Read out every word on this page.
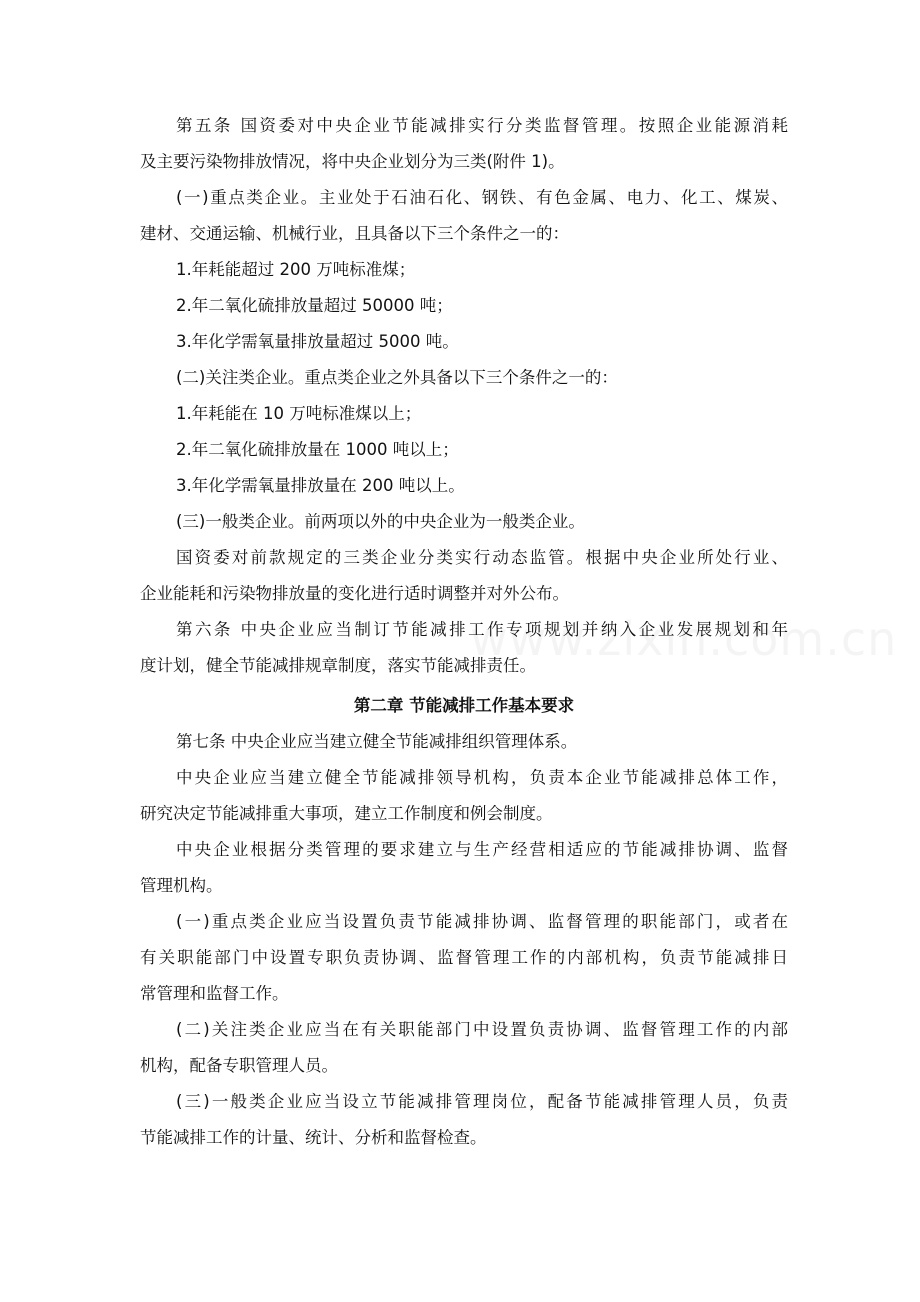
第五条 国资委对中央企业节能减排实行分类监督管理。按照企业能源消耗
及主要污染物排放情况，将中央企业划分为三类(附件 1)。
(一)重点类企业。主业处于石油石化、钢铁、有色金属、电力、化工、煤炭、
建材、交通运输、机械行业，且具备以下三个条件之一的：
1.年耗能超过 200 万吨标准煤；
2.年二氧化硫排放量超过 50000 吨；
3.年化学需氧量排放量超过 5000 吨。
(二)关注类企业。重点类企业之外具备以下三个条件之一的：
1.年耗能在 10 万吨标准煤以上；
2.年二氧化硫排放量在 1000 吨以上；
3.年化学需氧量排放量在 200 吨以上。
(三)一般类企业。前两项以外的中央企业为一般类企业。
国资委对前款规定的三类企业分类实行动态监管。根据中央企业所处行业、
企业能耗和污染物排放量的变化进行适时调整并对外公布。
第六条 中央企业应当制订节能减排工作专项规划并纳入企业发展规划和年
度计划，健全节能减排规章制度，落实节能减排责任。
第二章 节能减排工作基本要求
第七条 中央企业应当建立健全节能减排组织管理体系。
中央企业应当建立健全节能减排领导机构，负责本企业节能减排总体工作，
研究决定节能减排重大事项，建立工作制度和例会制度。
中央企业根据分类管理的要求建立与生产经营相适应的节能减排协调、监督
管理机构。
(一)重点类企业应当设置负责节能减排协调、监督管理的职能部门，或者在
有关职能部门中设置专职负责协调、监督管理工作的内部机构，负责节能减排日
常管理和监督工作。
(二)关注类企业应当在有关职能部门中设置负责协调、监督管理工作的内部
机构，配备专职管理人员。
(三)一般类企业应当设立节能减排管理岗位，配备节能减排管理人员，负责
节能减排工作的计量、统计、分析和监督检查。
